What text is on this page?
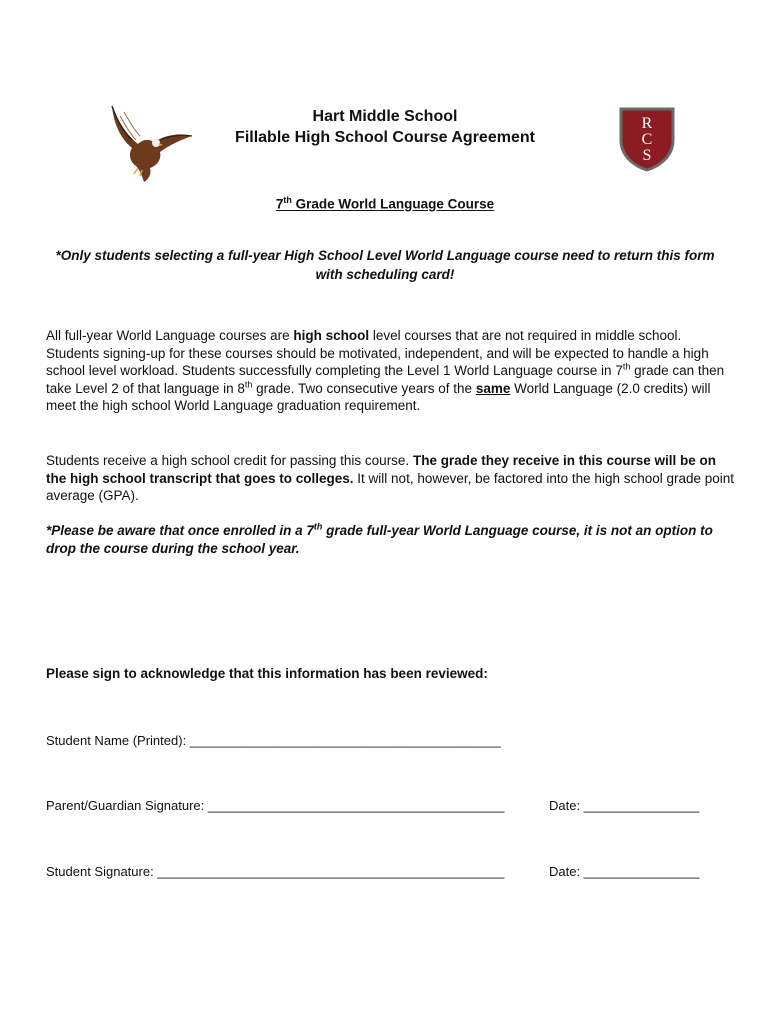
Hart Middle School
Fillable High School Course Agreement
R
C
S
7th Grade World Language Course
*Only students selecting a full-year High School Level World Language course need to return this form with scheduling card!
All full-year World Language courses are high school level courses that are not required in middle school. Students signing-up for these courses should be motivated, independent, and will be expected to handle a high school level workload. Students successfully completing the Level 1 World Language course in 7th grade can then take Level 2 of that language in 8th grade. Two consecutive years of the same World Language (2.0 credits) will meet the high school World Language graduation requirement.
Students receive a high school credit for passing this course. The grade they receive in this course will be on the high school transcript that goes to colleges. It will not, however, be factored into the high school grade point average (GPA).
*Please be aware that once enrolled in a 7th grade full-year World Language course, it is not an option to drop the course during the school year.
Please sign to acknowledge that this information has been reviewed:
Student Name (Printed): ___________________________________________
Parent/Guardian Signature: _________________________________________	Date: ________________
Student Signature: ________________________________________________	Date: ________________
